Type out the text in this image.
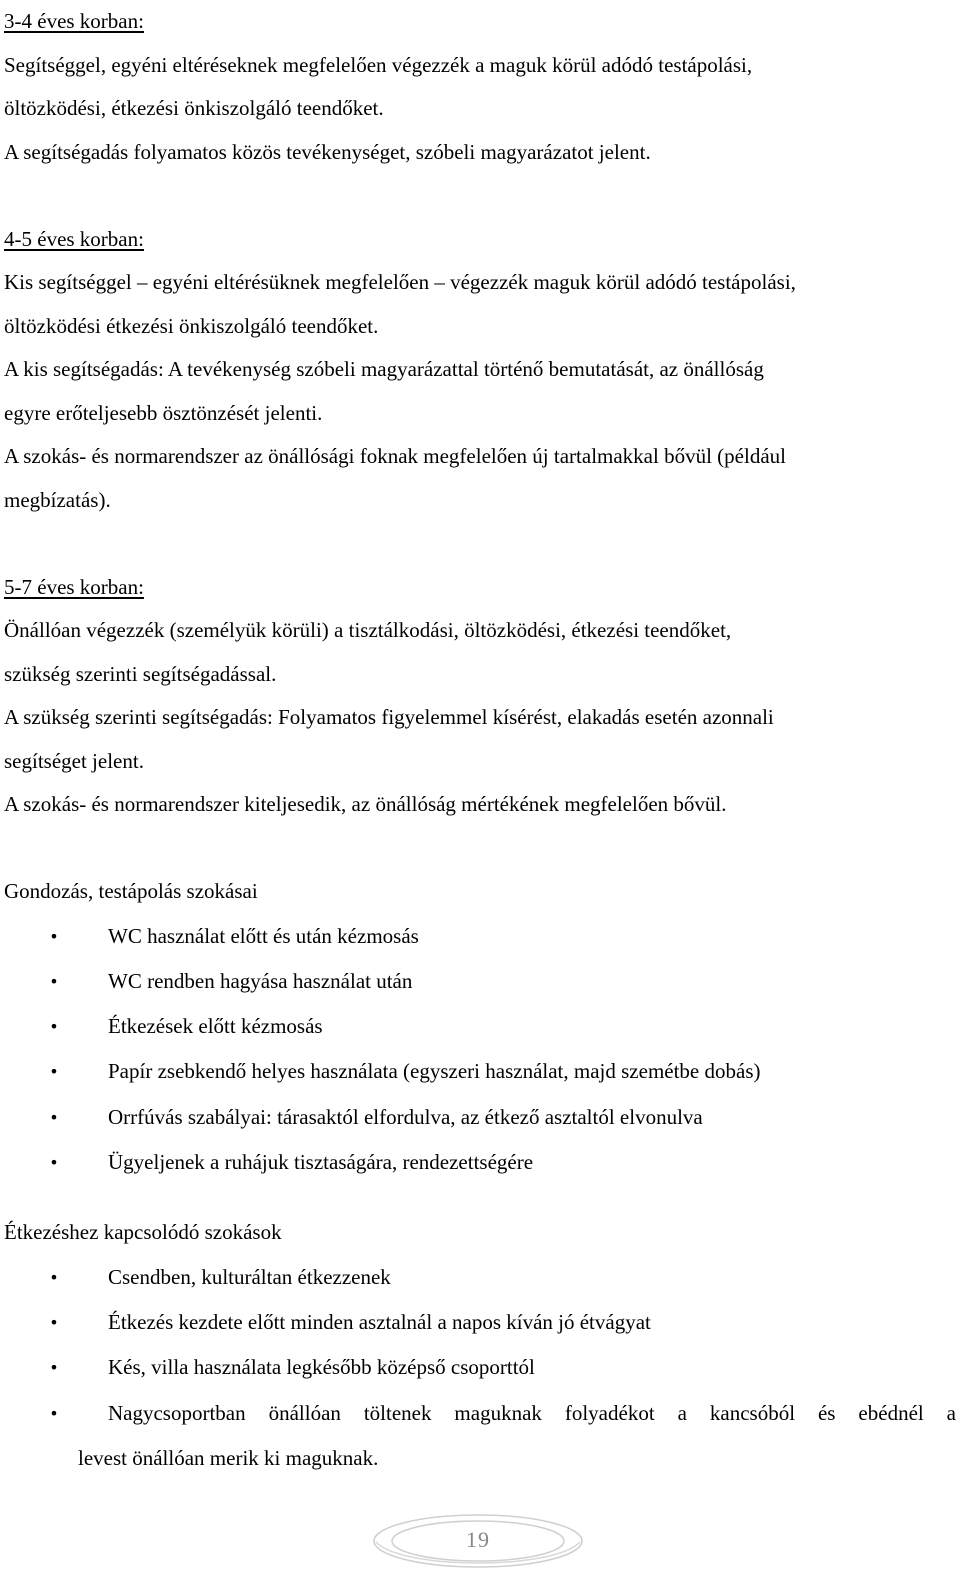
3-4 éves korban:
Segítséggel, egyéni eltéréseknek megfelelően végezzék a maguk körül adódó testápolási,
öltözködési, étkezési önkiszolgáló teendőket.
A segítségadás folyamatos közös tevékenységet, szóbeli magyarázatot jelent.
4-5 éves korban:
Kis segítséggel – egyéni eltérésüknek megfelelően – végezzék maguk körül adódó testápolási,
öltözködési étkezési önkiszolgáló teendőket.
A kis segítségadás: A tevékenység szóbeli magyarázattal történő bemutatását, az önállóság
egyre erőteljesebb ösztönzését jelenti.
A szokás- és normarendszer az önállósági foknak megfelelően új tartalmakkal bővül (például
megbízatás).
5-7 éves korban:
Önállóan végezzék (személyük körüli) a tisztálkodási, öltözködési, étkezési teendőket,
szükség szerinti segítségadással.
A szükség szerinti segítségadás: Folyamatos figyelemmel kísérést, elakadás esetén azonnali
segítséget jelent.
A szokás- és normarendszer kiteljesedik, az önállóság mértékének megfelelően bővül.
Gondozás, testápolás szokásai
• WC használat előtt és után kézmosás
• WC rendben hagyása használat után
• Étkezések előtt kézmosás
• Papír zsebkendő helyes használata (egyszeri használat, majd szemétbe dobás)
• Orrfúvás szabályai: tárasaktól elfordulva, az étkező asztaltól elvonulva
• Ügyeljenek a ruhájuk tisztaságára, rendezettségére
Étkezéshez kapcsolódó szokások
• Csendben, kulturáltan étkezzenek
• Étkezés kezdete előtt minden asztalnál a napos kíván jó étvágyat
• Kés, villa használata legkésőbb középső csoporttól
• Nagycsoportban önállóan töltenek maguknak folyadékot a kancsóból és ebédnél a
levest önállóan merik ki maguknak.
19
